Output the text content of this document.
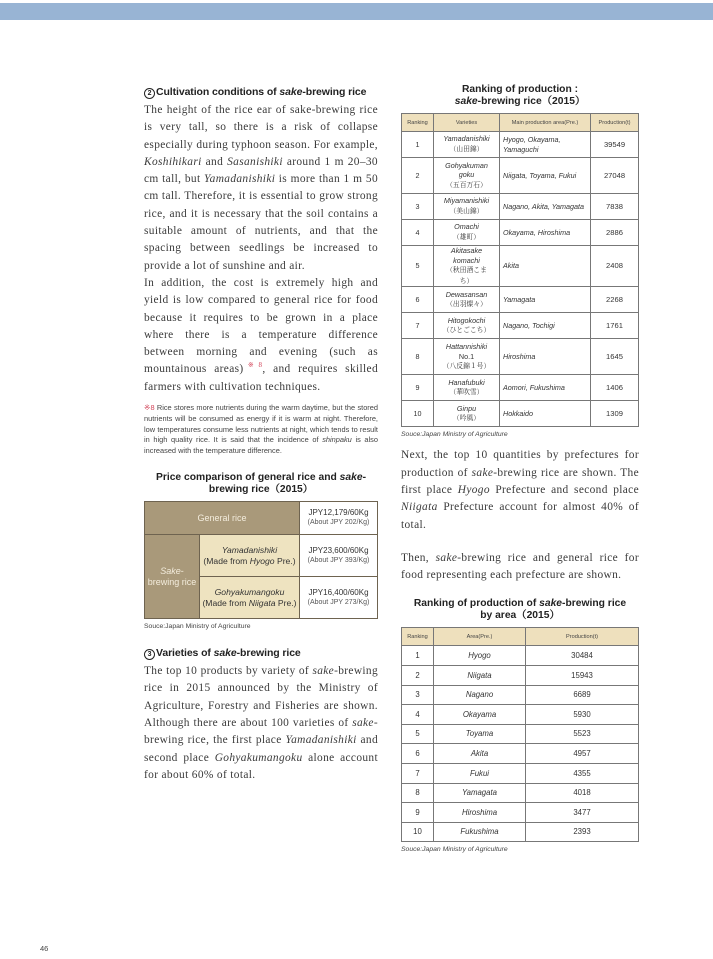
2 Cultivation conditions of sake-brewing rice

The height of the rice ear of sake-brewing rice is very tall, so there is a risk of collapse especially during typhoon season. For example, Koshihikari and Sasanishiki around 1 m 20–30 cm tall, but Yamadanishiki is more than 1 m 50 cm tall. Therefore, it is essential to grow strong rice, and it is necessary that the soil contains a suitable amount of nutrients, and that the spacing between seedlings be increased to provide a lot of sunshine and air.

In addition, the cost is extremely high and yield is low compared to general rice for food because it requires to be grown in a place where there is a temperature difference between morning and evening (such as mountainous areas)$^{※8}$, and requires skilled farmers with cultivation techniques.

※8 Rice stores more nutrients during the warm daytime, but the stored nutrients will be consumed as energy if it is warm at night. Therefore, low temperatures consume less nutrients at night, which tends to result in high quality rice. It is said that the incidence of shinpaku is also increased with the temperature difference.

Price comparison of general rice and sake-brewing rice（2015）
General rice		JPY12,179/60Kg
(About JPY 202/Kg)

Sake-brewing rice	Yamadanishiki
(Made from Hyogo Pre.)	
JPY23,600/60Kg
(About JPY 393/Kg)

Gohyakumangoku
(Made from Niigata Pre.)	
JPY16,400/60Kg
(About JPY 273/Kg)
Souce:Japan Ministry of Agriculture
3 Varieties of sake-brewing rice

The top 10 products by variety of sake-brewing rice in 2015 announced by the Ministry of Agriculture, Forestry and Fisheries are shown. Although there are about 100 varieties of sake-brewing rice, the first place Yamadanishiki and second place Gohyakumangoku alone account for about 60% of total.

Ranking of production :
sake-brewing rice（2015）
Ranking	Varieties	Main production area(Pre.)	Production(t)
1	Yamadanishiki
（山田錦）	Hyogo, Okayama, Yamaguchi	39549
2	Gohyakuman goku
（五百万石）	Niigata, Toyama, Fukui	27048
3	Miyamanishiki
（美山錦）	Nagano, Akita, Yamagata	7838
4	Omachi
（雄町）	Okayama, Hiroshima	2886
5	Akitasake komachi
（秋田酒こまち）	Akita	2408
6	Dewasansan
（出羽燦々）	Yamagata	2268
7	Hitogokochi
（ひとごこち）	Nagano, Tochigi	1761
8	Hattannishiki
No.1
（八反錦１号）	Hiroshima	1645
9	Hanafubuki
（華吹雪）	Aomori, Fukushima	1406
10	Ginpu
（吟風）	Hokkaido	1309
Souce:Japan Ministry of Agriculture

Next, the top 10 quantities by prefectures for production of sake-brewing rice are shown. The first place Hyogo Prefecture and second place Niigata Prefecture account for almost 40% of total.

Then, sake-brewing rice and general rice for food representing each prefecture are shown.

Ranking of production of sake-brewing rice
by area（2015）
Ranking	Area(Pre.)	Production(t)
1	Hyogo	30484
2	Niigata	15943
3	Nagano	6689
4	Okayama	5930
5	Toyama	5523
6	Akita	4957
7	Fukui	4355
8	Yamagata	4018
9	Hiroshima	3477
10	Fukushima	2393
Souce:Japan Ministry of Agriculture
46
